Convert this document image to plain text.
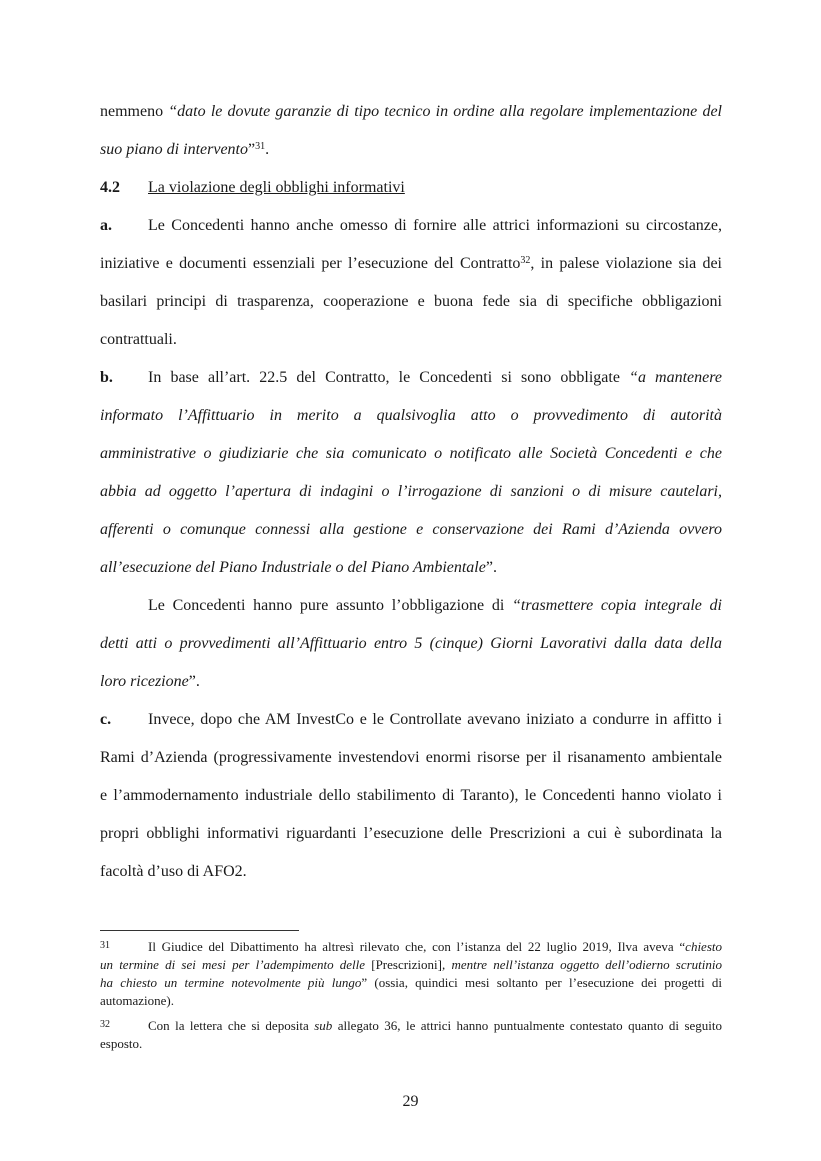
nemmeno “dato le dovute garanzie di tipo tecnico in ordine alla regolare implementazione del
suo piano di intervento”$^{31}$.
4.2 La violazione degli obblighi informativi
a. Le Concedenti hanno anche omesso di fornire alle attrici informazioni su circostanze,
iniziative e documenti essenziali per l’esecuzione del Contratto$^{32}$, in palese violazione sia dei
basilari principi di trasparenza, cooperazione e buona fede sia di specifiche obbligazioni
contrattuali.
b. In base all’art. 22.5 del Contratto, le Concedenti si sono obbligate “a mantenere
informato l’Affittuario in merito a qualsivoglia atto o provvedimento di autorità
amministrative o giudiziarie che sia comunicato o notificato alle Società Concedenti e che
abbia ad oggetto l’apertura di indagini o l’irrogazione di sanzioni o di misure cautelari,
afferenti o comunque connessi alla gestione e conservazione dei Rami d’Azienda ovvero
all’esecuzione del Piano Industriale o del Piano Ambientale”.
Le Concedenti hanno pure assunto l’obbligazione di “trasmettere copia integrale di
detti atti o provvedimenti all’Affittuario entro 5 (cinque) Giorni Lavorativi dalla data della
loro ricezione”.
c. Invece, dopo che AM InvestCo e le Controllate avevano iniziato a condurre in affitto i
Rami d’Azienda (progressivamente investendovi enormi risorse per il risanamento ambientale
e l’ammodernamento industriale dello stabilimento di Taranto), le Concedenti hanno violato i
propri obblighi informativi riguardanti l’esecuzione delle Prescrizioni a cui è subordinata la
facoltà d’uso di AFO2.
31	Il Giudice del Dibattimento ha altresì rilevato che, con l’istanza del 22 luglio 2019, Ilva aveva “chiesto
un termine di sei mesi per l’adempimento delle [Prescrizioni], mentre nell’istanza oggetto dell’odierno scrutinio
ha chiesto un termine notevolmente più lungo” (ossia, quindici mesi soltanto per l’esecuzione dei progetti di
automazione).
32	Con la lettera che si deposita sub allegato 36, le attrici hanno puntualmente contestato quanto di seguito
esposto.
29
